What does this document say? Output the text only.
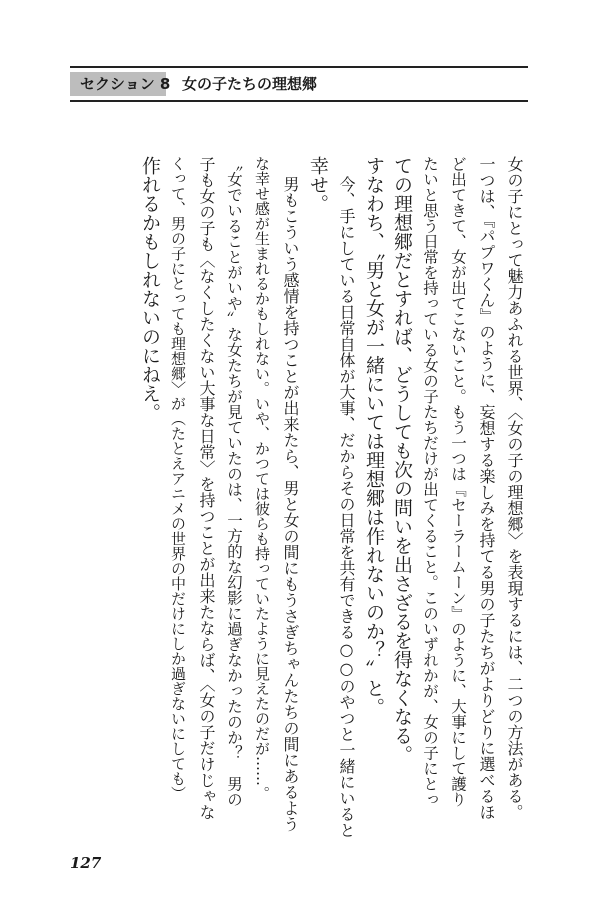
セクション 8 女の子たちの理想郷
女の子にとって魅力あふれる世界、〈女の子の理想郷〉を表現するには、二つの方法がある。
一つは、『パプワくん』のように、妄想する楽しみを持てる男の子たちがよりどりに選べるほ
ど出てきて、女が出てこないこと。もう一つは『セーラームーン』のように、大事にして護り
たいと思う日常を持っている女の子たちだけが出てくること。このいずれかが、女の子にとっ
ての理想郷だとすれば、どうしても次の問いを出さざるを得なくなる。
すなわち、〝男と女が一緒にいては理想郷は作れないのか？〟と。
今、手にしている日常自体が大事、だからその日常を共有できる○○のやつと一緒にいると
幸せ。
男もこういう感情を持つことが出来たら、男と女の間にもうさぎちゃんたちの間にあるよう
な幸せ感が生まれるかもしれない。いや、かつては彼らも持っていたように見えたのだが……。
〝女でいることがいや〟な女たちが見ていたのは、一方的な幻影に過ぎなかったのか？　男の
子も女の子も〈なくしたくない大事な日常〉を持つことが出来たならば、〈女の子だけじゃな
くって、男の子にとっても理想郷〉が（たとえアニメの世界の中だけにしか過ぎないにしても）
作れるかもしれないのにねえ。
127
